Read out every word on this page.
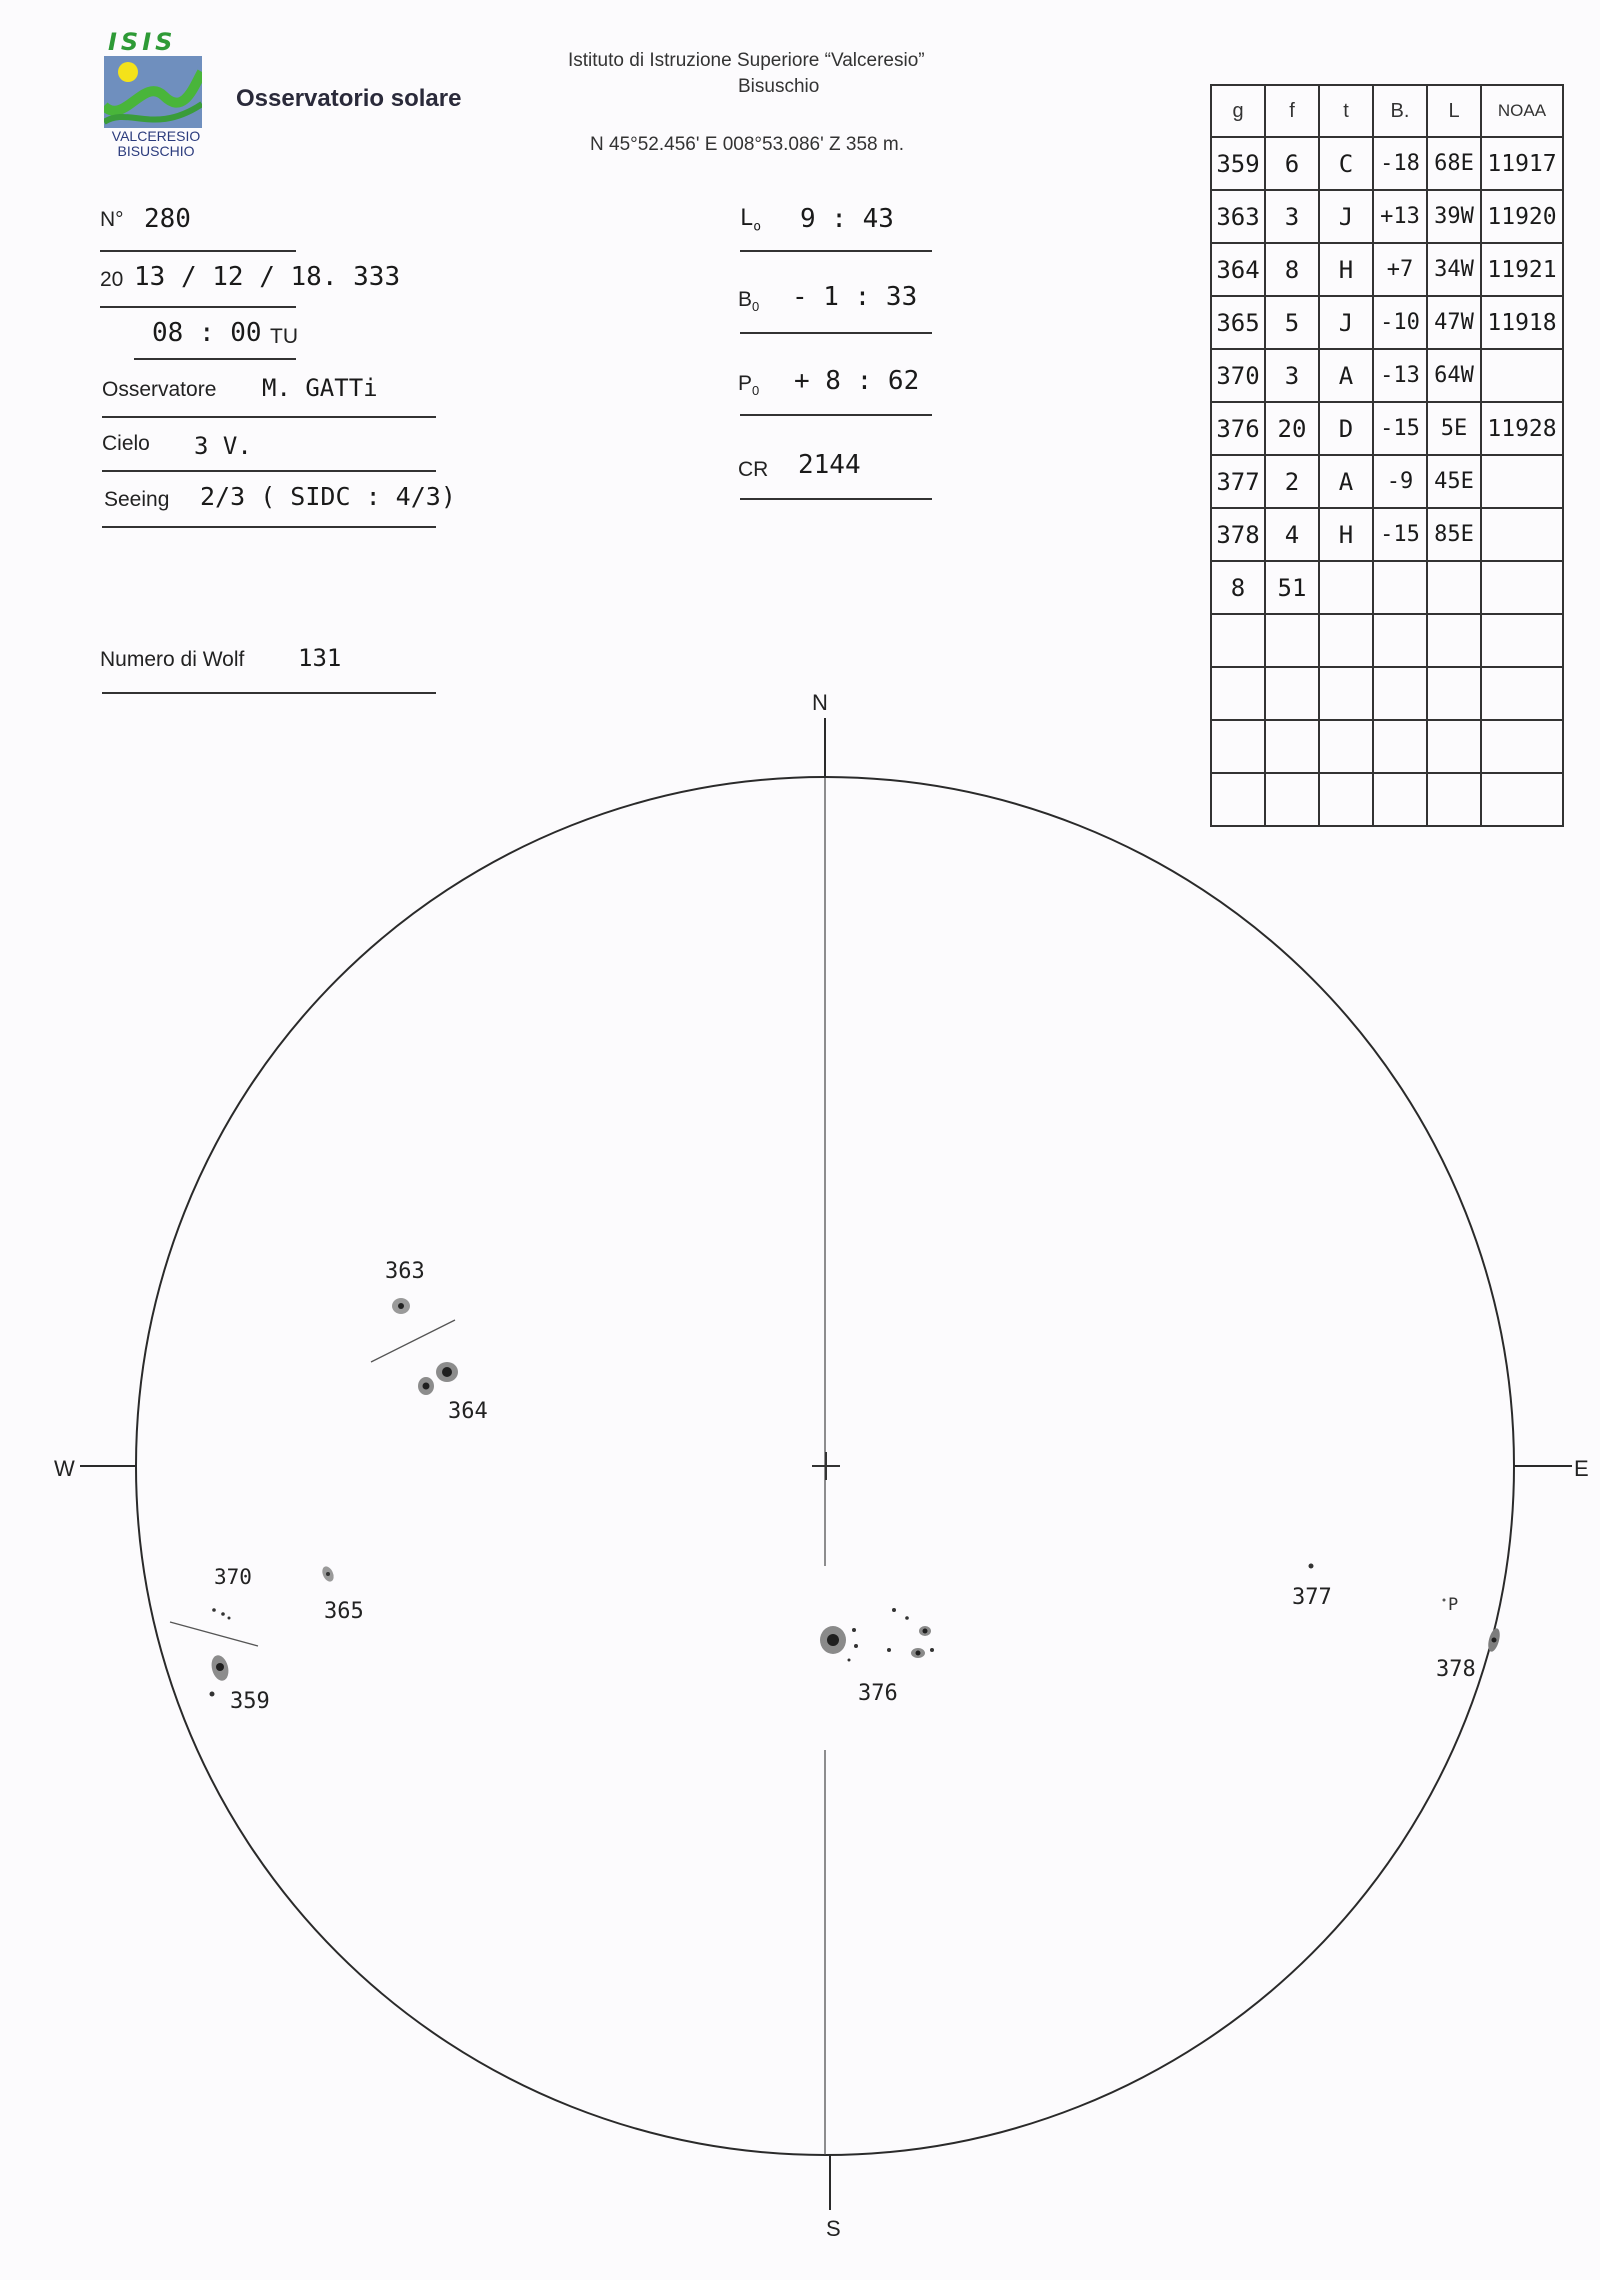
ISIS
VALCERESIO
BISUSCHIO
Osservatorio solare
Istituto di Istruzione Superiore “Valceresio”
Bisuschio
N 45°52.456' E 008°53.086' Z 358 m.
N° 280
20 13 / 12 / 18. 333
08 : 00 TU
Osservatore M. GATTi
Cielo 3 V.
Seeing 2/3 ( SIDC : 4/3)
Numero di Wolf 131
$L_o$ 9 : 43
$B_0 - 1$ : 33
$P_0 + 8$ : 62
CR 2144
g	f	t	B.	L	NOAA
359	6	C	-18	68E	11917
363	3	J	+13	39W	11920
364	8	H	+7	34W	11921
365	5	J	-10	47W	11918
370	3	A	-13	64W	
376	20	D	-15	5E	11928
377	2	A	-9	45E	
378	4	H	-15	85E	
8	51				

N
S
W	E
363
364
370
365
359	376
377	P
378
